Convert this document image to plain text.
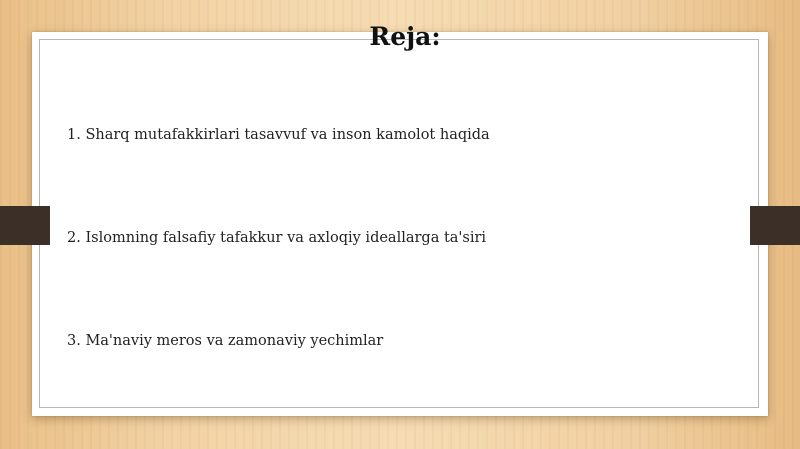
Reja:
1. Sharq mutafakkirlari tasavvuf va inson kamolot haqida
2. Islomning falsafiy tafakkur va axloqiy ideallarga ta'siri
3. Ma'naviy meros va zamonaviy yechimlar
